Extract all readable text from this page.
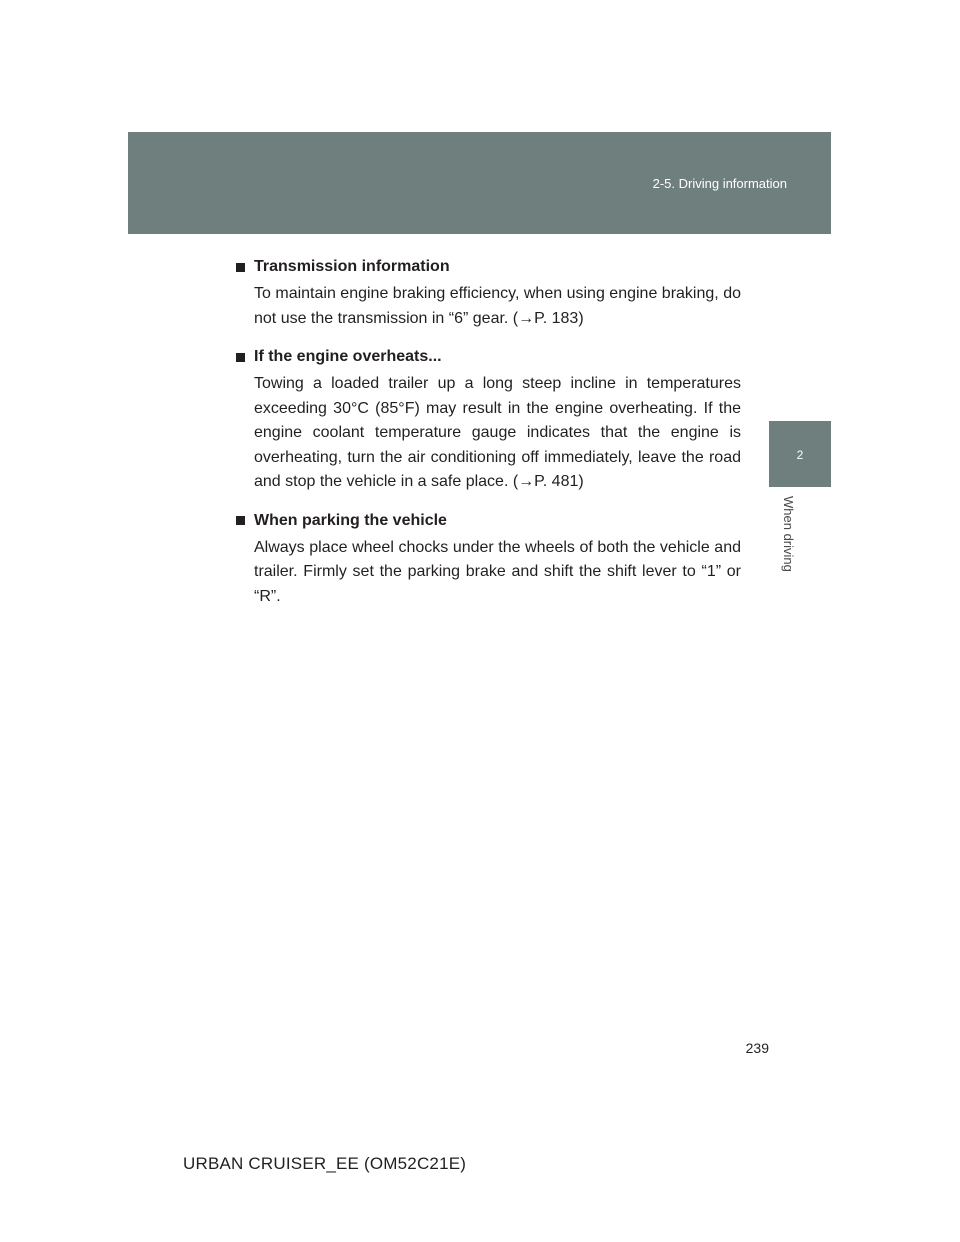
2-5. Driving information
2
When driving
Transmission information
To maintain engine braking efficiency, when using engine braking, do not use the transmission in “6” gear. (→P. 183)
If the engine overheats...
Towing a loaded trailer up a long steep incline in temperatures exceeding 30°C (85°F) may result in the engine overheating. If the engine coolant temperature gauge indicates that the engine is overheating, turn the air conditioning off immediately, leave the road and stop the vehicle in a safe place. (→P. 481)
When parking the vehicle
Always place wheel chocks under the wheels of both the vehicle and trailer. Firmly set the parking brake and shift the shift lever to “1” or “R”.
239
URBAN CRUISER_EE (OM52C21E)
